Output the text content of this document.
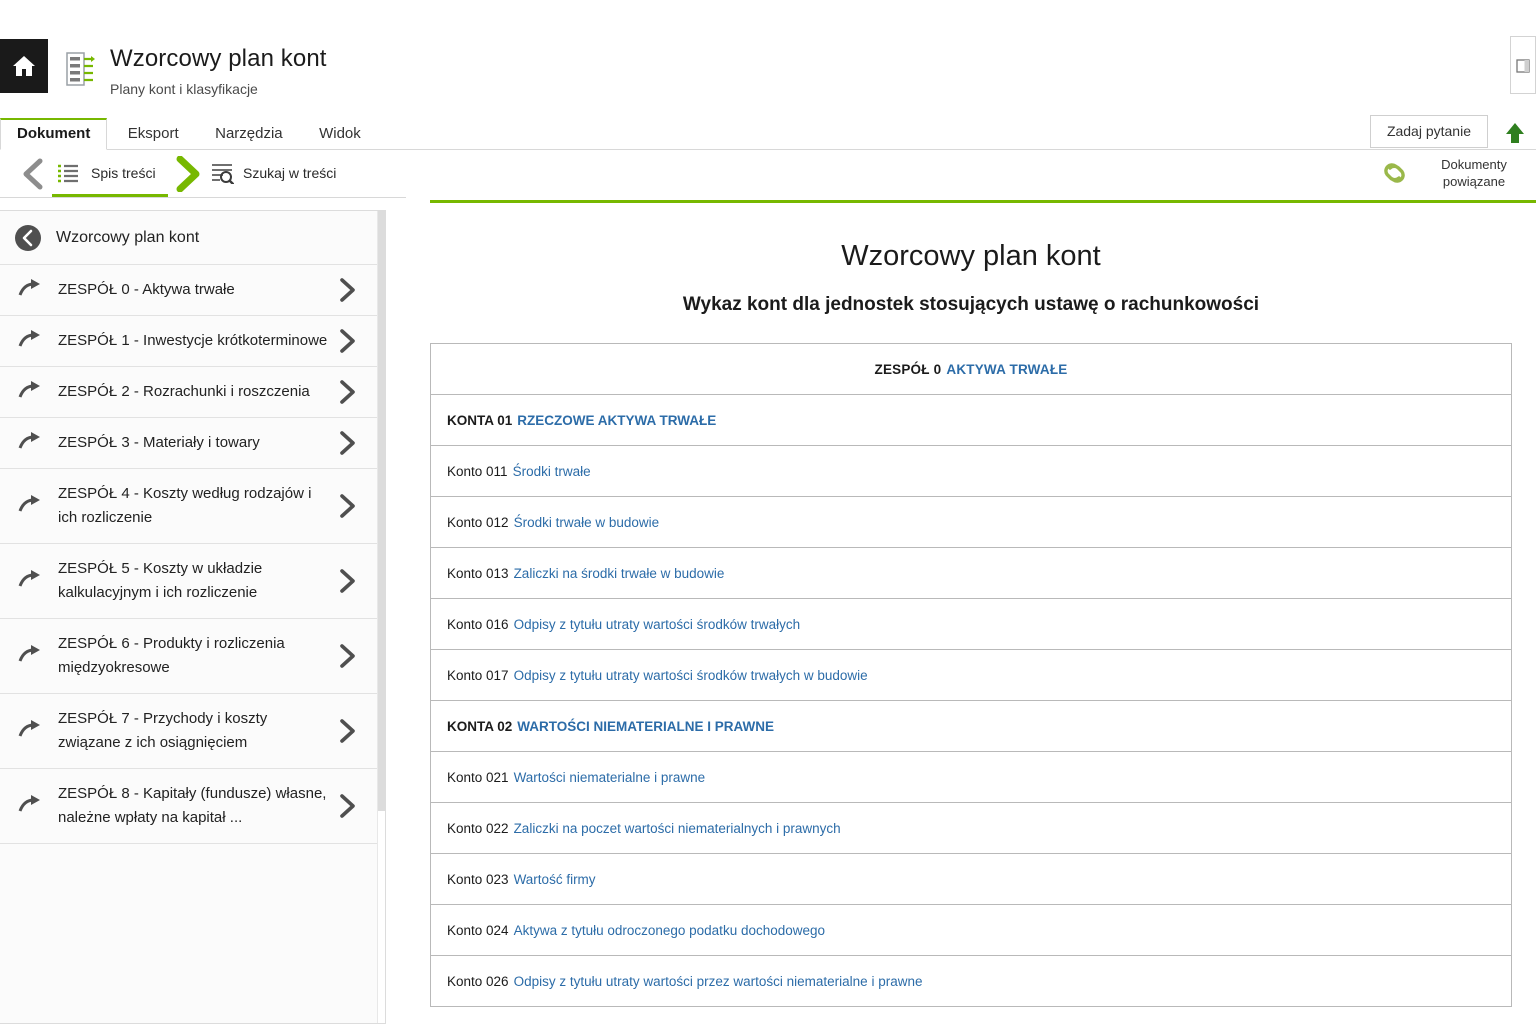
Wzorcowy plan kont
Plany kont i klasyfikacje
Dokument Eksport Narzędzia Widok	Zadaj pytanie
Spis treści	Szukaj w treści
Dokumenty
powiązane
Wzorcowy plan kont
ZESPÓŁ 0 - Aktywa trwałe
ZESPÓŁ 1 - Inwestycje krótkoterminowe
ZESPÓŁ 2 - Rozrachunki i roszczenia
ZESPÓŁ 3 - Materiały i towary
ZESPÓŁ 4 - Koszty według rodzajów i ich rozliczenie
ZESPÓŁ 5 - Koszty w układzie kalkulacyjnym i ich rozliczenie
ZESPÓŁ 6 - Produkty i rozliczenia międzyokresowe
ZESPÓŁ 7 - Przychody i koszty związane z ich osiągnięciem
ZESPÓŁ 8 - Kapitały (fundusze) własne, należne wpłaty na kapitał ...
Wzorcowy plan kont
Wykaz kont dla jednostek stosujących ustawę o rachunkowości
ZESPÓŁ 0 AKTYWA TRWAŁE
KONTA 01 RZECZOWE AKTYWA TRWAŁE
Konto 011 Środki trwałe
Konto 012 Środki trwałe w budowie
Konto 013 Zaliczki na środki trwałe w budowie
Konto 016 Odpisy z tytułu utraty wartości środków trwałych
Konto 017 Odpisy z tytułu utraty wartości środków trwałych w budowie
KONTA 02 WARTOŚCI NIEMATERIALNE I PRAWNE
Konto 021 Wartości niematerialne i prawne
Konto 022 Zaliczki na poczet wartości niematerialnych i prawnych
Konto 023 Wartość firmy
Konto 024 Aktywa z tytułu odroczonego podatku dochodowego
Konto 026 Odpisy z tytułu utraty wartości przez wartości niematerialne i prawne
